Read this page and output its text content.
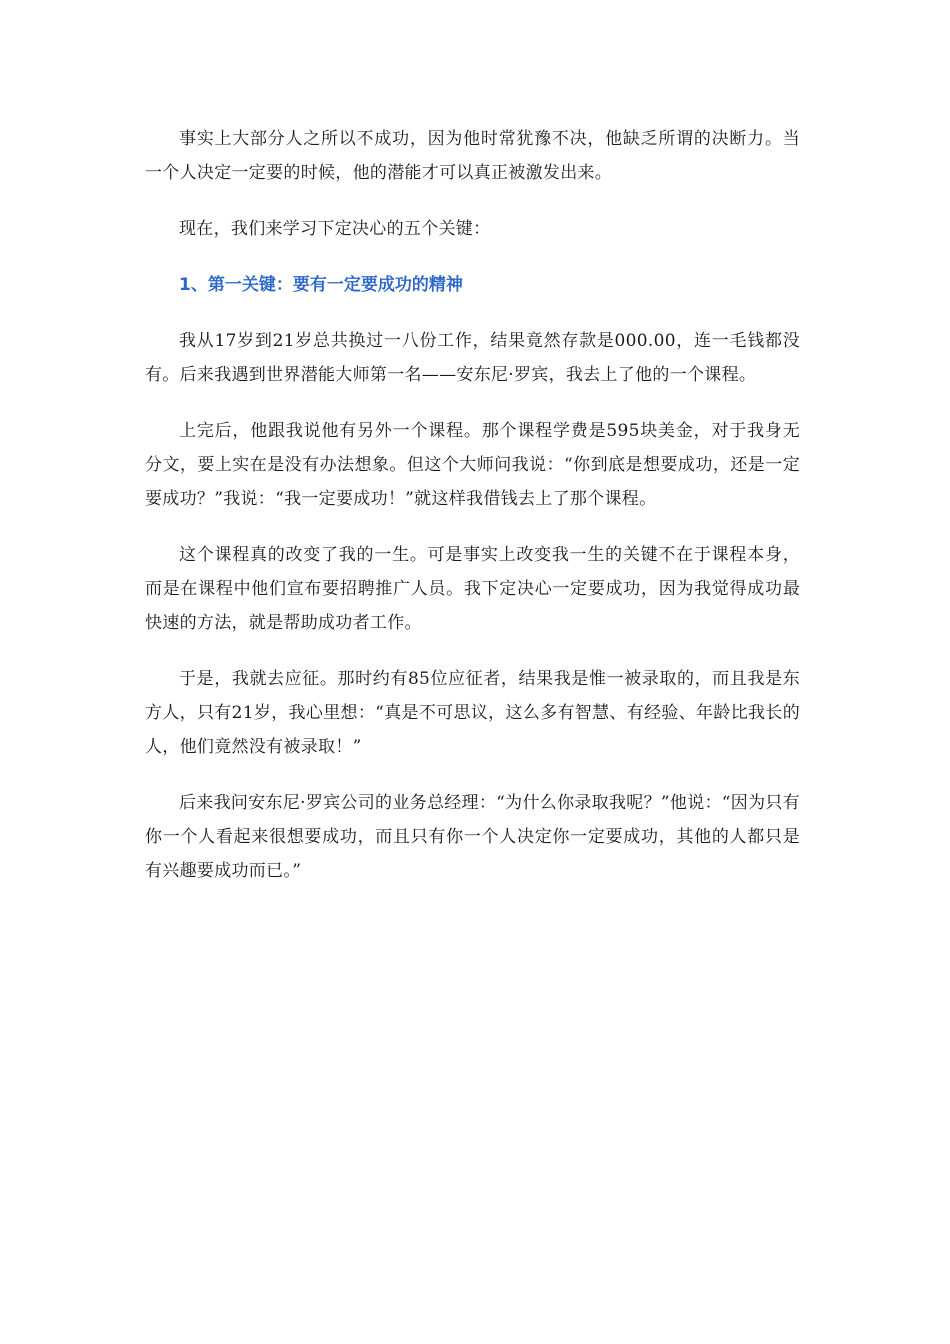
事实上大部分人之所以不成功，因为他时常犹豫不决，他缺乏所谓的决断力。当一个人决定一定要的时候，他的潜能才可以真正被激发出来。

现在，我们来学习下定决心的五个关键：

1、第一关键：要有一定要成功的精神

我从17岁到21岁总共换过一八份工作，结果竟然存款是000.00，连一毛钱都没有。后来我遇到世界潜能大师第一名——安东尼·罗宾，我去上了他的一个课程。

上完后，他跟我说他有另外一个课程。那个课程学费是595块美金，对于我身无分文，要上实在是没有办法想象。但这个大师问我说：“你到底是想要成功，还是一定要成功？”我说：“我一定要成功！”就这样我借钱去上了那个课程。

这个课程真的改变了我的一生。可是事实上改变我一生的关键不在于课程本身，而是在课程中他们宣布要招聘推广人员。我下定决心一定要成功，因为我觉得成功最快速的方法，就是帮助成功者工作。

于是，我就去应征。那时约有85位应征者，结果我是惟一被录取的，而且我是东方人，只有21岁，我心里想：“真是不可思议，这么多有智慧、有经验、年龄比我长的人，他们竟然没有被录取！”

后来我问安东尼·罗宾公司的业务总经理：“为什么你录取我呢？”他说：“因为只有你一个人看起来很想要成功，而且只有你一个人决定你一定要成功，其他的人都只是有兴趣要成功而已。”
